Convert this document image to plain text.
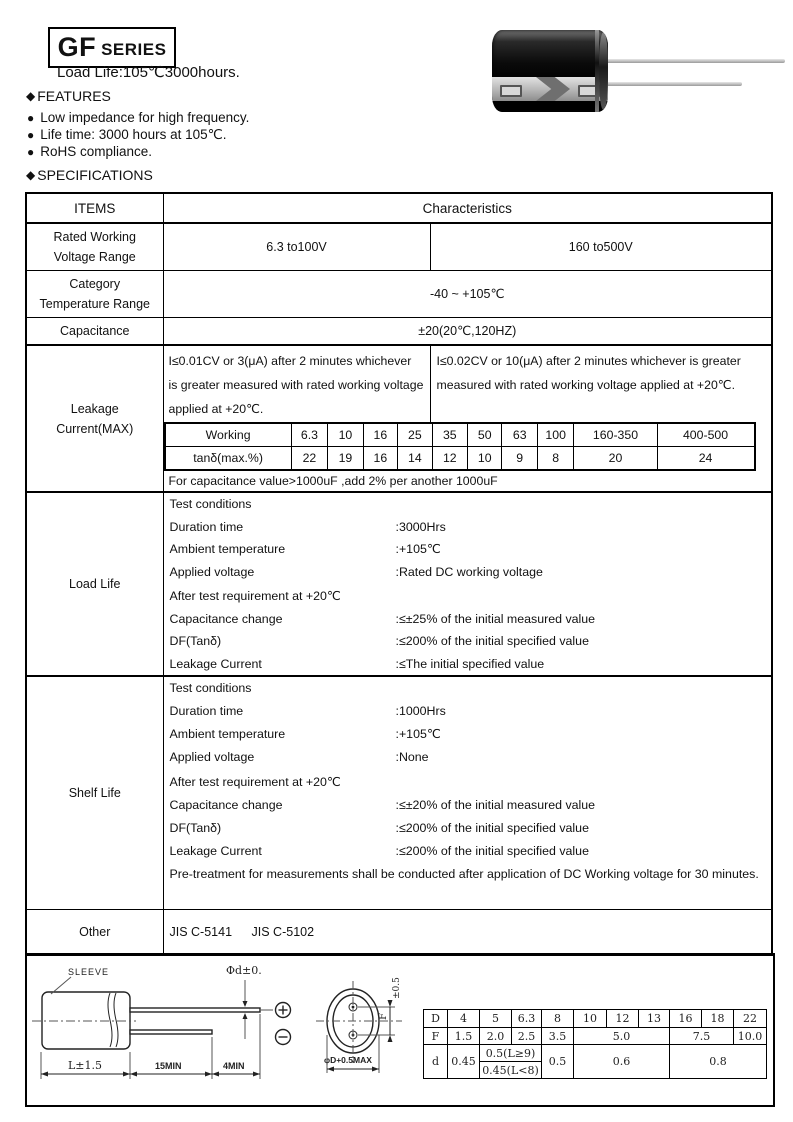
GF SERIES
Load Life:105℃3000hours.
◆ FEATURES
● Low impedance for high frequency.
● Life time: 3000 hours at 105℃.
● RoHS compliance.
◆ SPECIFICATIONS
ITEMS	Characteristics

Rated Working
Voltage Range
	6.3 to100V	160 to500V

Category
Temperature Range
	-40 ~ +105℃
Capacitance	±20(20℃,120HZ)

Leakage
Current(MAX)

I≤0.01CV or 3(μA) after 2 minutes whichever is greater measured with rated working voltage applied at +20℃.
I≤0.02CV or 10(μA) after 2 minutes whichever is greater measured with rated working voltage applied at +20℃.
Working	6.3	10	16	25	35	50	63	100	160-350	400-500
tanδ(max.%)	22	19	16	14	12	10	9	8	20	24
For capacitance value>1000uF ,add 2% per another 1000uF

Load Life	
Test conditions
Duration time	:3000Hrs
Ambient temperature	:+105℃
Applied voltage	:Rated DC working voltage
After test requirement at +20℃
Capacitance change	:≤±25% of the initial measured value
DF(Tanδ)	:≤200% of the initial specified value
Leakage Current	:≤The initial specified value

Shelf Life	
Test conditions
Duration time	:1000Hrs
Ambient temperature	:+105℃
Applied voltage	:None
After test requirement at +20℃
Capacitance change	:≤±20% of the initial measured value
DF(Tanδ)	:≤200% of the initial specified value
Leakage Current	:≤200% of the initial specified value
Pre-treatment for measurements shall be conducted after application of DC Working voltage for 30 minutes.

Other	JIS C-5141 JIS C-5102
SLEEVE	Φd±0.
L±1.5	15MIN	4MIN
φD+0.5MAX
F
±0.5
D	4	5	6.3	8	10	12	13	16	18	22
F	1.5	2.0	2.5	3.5	5.0			7.5		10.0
d	0.45	0.5(L≥9)		0.5	0.6			0.8		
		0.45(L<8)								
